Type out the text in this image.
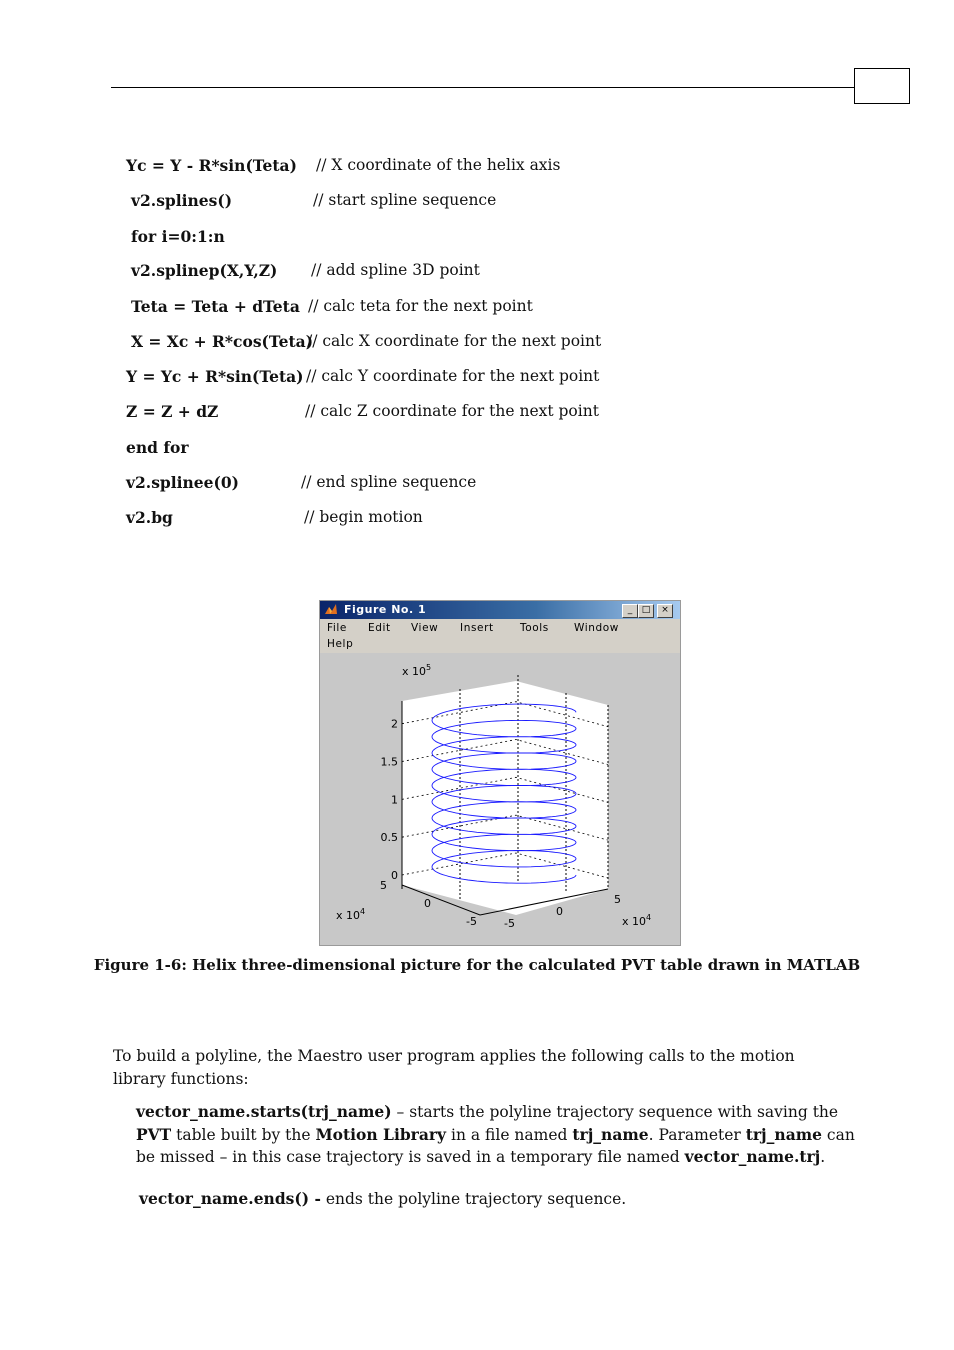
Yc = Y - R*sin(Teta) // X coordinate of the helix axis
v2.splines()	// start spline sequence
for i=0:1:n
v2.splinep(X,Y,Z) // add spline 3D point
Teta = Teta + dTeta // calc teta for the next point
X = Xc + R*cos(Teta)
// calc X coordinate for the next point
Y = Yc + R*sin(Teta) // calc Y coordinate for the next point
Z = Z + dZ	// calc Z coordinate for the next point
end for
v2.splinee(0)	// end spline sequence
v2.bg	// begin motion
Figure No. 1	_	□	×
File Edit View Insert	Tools Window
Help
0
0.5
1
1.5
2
5
0
-5 -5
0
5
x $10^5$
x $10^4$
x $10^4$
Figure 1-6: Helix three-dimensional picture for the calculated PVT table drawn in MATLAB
To build a polyline, the Maestro user program applies the following calls to the motion library functions:
vector_name.starts(trj_name) – starts the polyline trajectory sequence with saving the PVT table built by the Motion Library in a file named trj_name. Parameter trj_name can be missed – in this case trajectory is saved in a temporary file named vector_name.trj.
vector_name.ends() - ends the polyline trajectory sequence.
